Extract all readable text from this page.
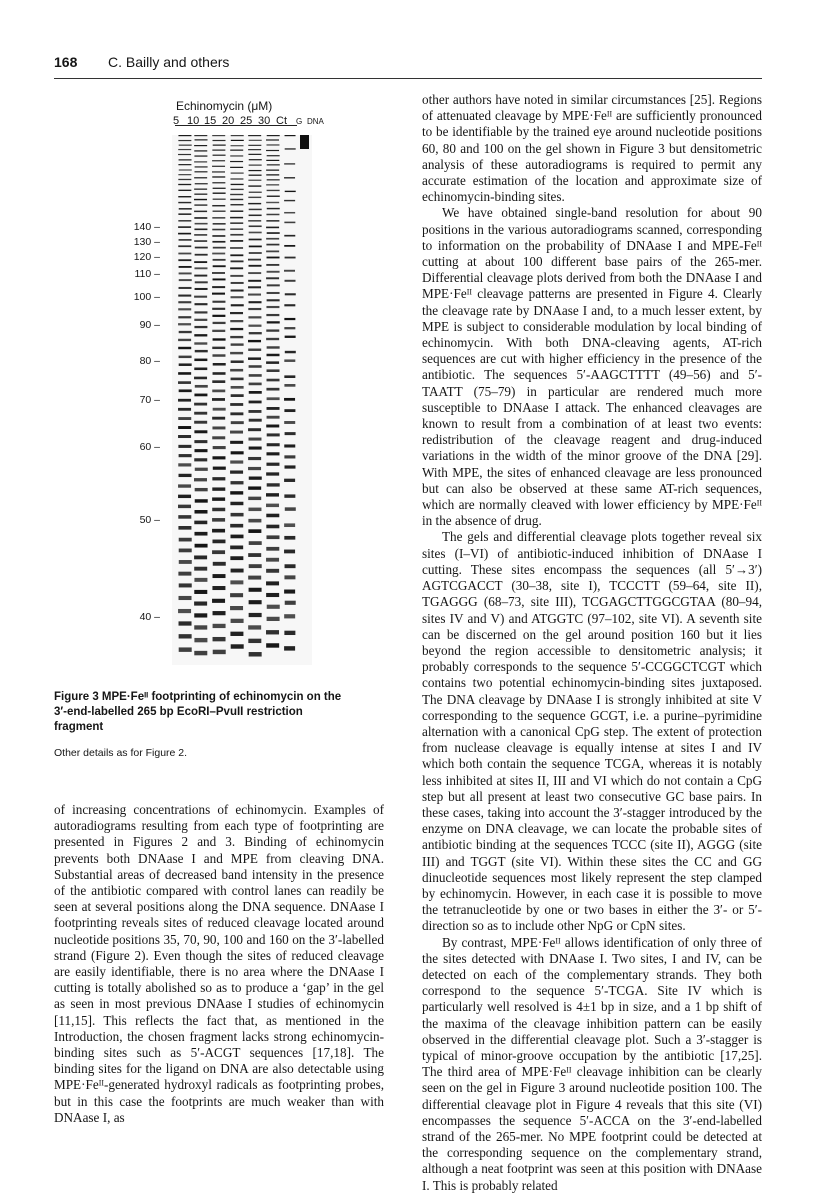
168 C. Bailly and others
Echinomycin (μM)
5 10 15 20 25 30 Ct G DNA
140 –
130 –
120 –
110 –
100 –
90 –
80 –
70 –
60 –
50 –
40 –
Figure 3 MPE·Feᴵᴵ footprinting of echinomycin on the 3′-end-labelled 265 bp EcoRI–PvuII restriction fragment
Other details as for Figure 2.

of increasing concentrations of echinomycin. Examples of autoradiograms resulting from each type of footprinting are presented in Figures 2 and 3. Binding of echinomycin prevents both DNAase I and MPE from cleaving DNA. Substantial areas of decreased band intensity in the presence of the antibiotic compared with control lanes can readily be seen at several positions along the DNA sequence. DNAase I footprinting reveals sites of reduced cleavage located around nucleotide positions 35, 70, 90, 100 and 160 on the 3′-labelled strand (Figure 2). Even though the sites of reduced cleavage are easily identifiable, there is no area where the DNAase I cutting is totally abolished so as to produce a ‘gap’ in the gel as seen in most previous DNAase I studies of echinomycin [11,15]. This reflects the fact that, as mentioned in the Introduction, the chosen fragment lacks strong echinomycin-binding sites such as 5′-ACGT sequences [17,18]. The binding sites for the ligand on DNA are also detectable using MPE·Feᴵᴵ-generated hydroxyl radicals as footprinting probes, but in this case the footprints are much weaker than with DNAase I, as

other authors have noted in similar circumstances [25]. Regions of attenuated cleavage by MPE·Feᴵᴵ are sufficiently pronounced to be identifiable by the trained eye around nucleotide positions 60, 80 and 100 on the gel shown in Figure 3 but densitometric analysis of these autoradiograms is required to permit any accurate estimation of the location and approximate size of echinomycin-binding sites.

We have obtained single-band resolution for about 90 positions in the various autoradiograms scanned, corresponding to information on the probability of DNAase I and MPE-Feᴵᴵ cutting at about 100 different base pairs of the 265-mer. Differential cleavage plots derived from both the DNAase I and MPE·Feᴵᴵ cleavage patterns are presented in Figure 4. Clearly the cleavage rate by DNAase I and, to a much lesser extent, by MPE is subject to considerable modulation by local binding of echinomycin. With both DNA-cleaving agents, AT-rich sequences are cut with higher efficiency in the presence of the antibiotic. The sequences 5′-AAGCTTTT (49–56) and 5′-TAATT (75–79) in particular are rendered much more susceptible to DNAase I attack. The enhanced cleavages are known to result from a combination of at least two events: redistribution of the cleavage reagent and drug-induced variations in the width of the minor groove of the DNA [29]. With MPE, the sites of enhanced cleavage are less pronounced but can also be observed at these same AT-rich sequences, which are normally cleaved with lower efficiency by MPE·Feᴵᴵ in the absence of drug.

The gels and differential cleavage plots together reveal six sites (I–VI) of antibiotic-induced inhibition of DNAase I cutting. These sites encompass the sequences (all 5′→3′) AGTCGACCT (30–38, site I), TCCCTT (59–64, site II), TGAGGG (68–73, site III), TCGAGCTTGGCGTAA (80–94, sites IV and V) and ATGGTC (97–102, site VI). A seventh site can be discerned on the gel around position 160 but it lies beyond the region accessible to densitometric analysis; it probably corresponds to the sequence 5′-CCGGCTCGT which contains two potential echinomycin-binding sites juxtaposed. The DNA cleavage by DNAase I is strongly inhibited at site V corresponding to the sequence GCGT, i.e. a purine–pyrimidine alternation with a canonical CpG step. The extent of protection from nuclease cleavage is equally intense at sites I and IV which both contain the sequence TCGA, whereas it is notably less inhibited at sites II, III and VI which do not contain a CpG step but all present at least two consecutive GC base pairs. In these cases, taking into account the 3′-stagger introduced by the enzyme on DNA cleavage, we can locate the probable sites of antibiotic binding at the sequences TCCC (site II), AGGG (site III) and TGGT (site VI). Within these sites the CC and GG dinucleotide sequences most likely represent the step clamped by echinomycin. However, in each case it is possible to move the tetranucleotide by one or two bases in either the 3′- or 5′-direction so as to include other NpG or CpN sites.

By contrast, MPE·Feᴵᴵ allows identification of only three of the sites detected with DNAase I. Two sites, I and IV, can be detected on each of the complementary strands. They both correspond to the sequence 5′-TCGA. Site IV which is particularly well resolved is 4±1 bp in size, and a 1 bp shift of the maxima of the cleavage inhibition pattern can be easily observed in the differential cleavage plot. Such a 3′-stagger is typical of minor-groove occupation by the antibiotic [17,25]. The third area of MPE·Feᴵᴵ cleavage inhibition can be clearly seen on the gel in Figure 3 around nucleotide position 100. The differential cleavage plot in Figure 4 reveals that this site (VI) encompasses the sequence 5′-ACCA on the 3′-end-labelled strand of the 265-mer. No MPE footprint could be detected at the corresponding sequence on the complementary strand, although a neat footprint was seen at this position with DNAase I. This is probably related
